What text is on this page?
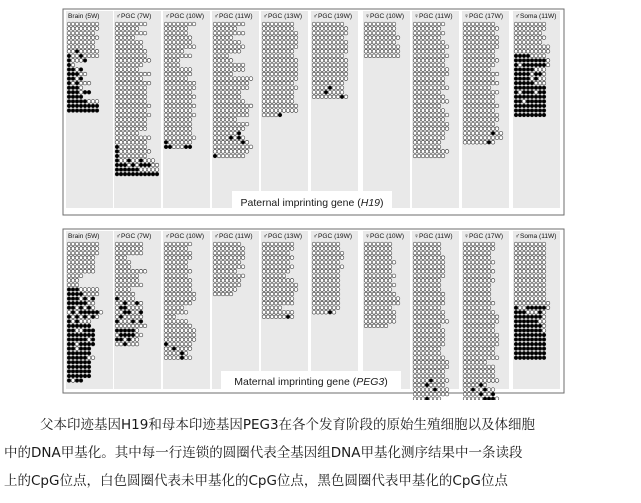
Brain (5W) ♂PGC (7W) ♂PGC (10W) ♂PGC (11W) ♂PGC (13W) ♂PGC (19W) ♀PGC (10W) ♀PGC (11W) ♀PGC (17W) ♂Soma (11W)
Paternal imprinting gene (H19)
Brain (5W) ♂PGC (7W) ♂PGC (10W) ♂PGC (11W) ♂PGC (13W) ♂PGC (19W) ♀PGC (10W) ♀PGC (11W) ♀PGC (17W) ♂Soma (11W)
Maternal imprinting gene (PEG3)
父本印迹基因H19和母本印迹基因PEG3在各个发育阶段的原始生殖细胞以及体细胞
中的DNA甲基化。其中每一行连锁的圆圈代表全基因组DNA甲基化测序结果中一条读段
上的CpG位点，白色圆圈代表未甲基化的CpG位点，黑色圆圈代表甲基化的CpG位点
